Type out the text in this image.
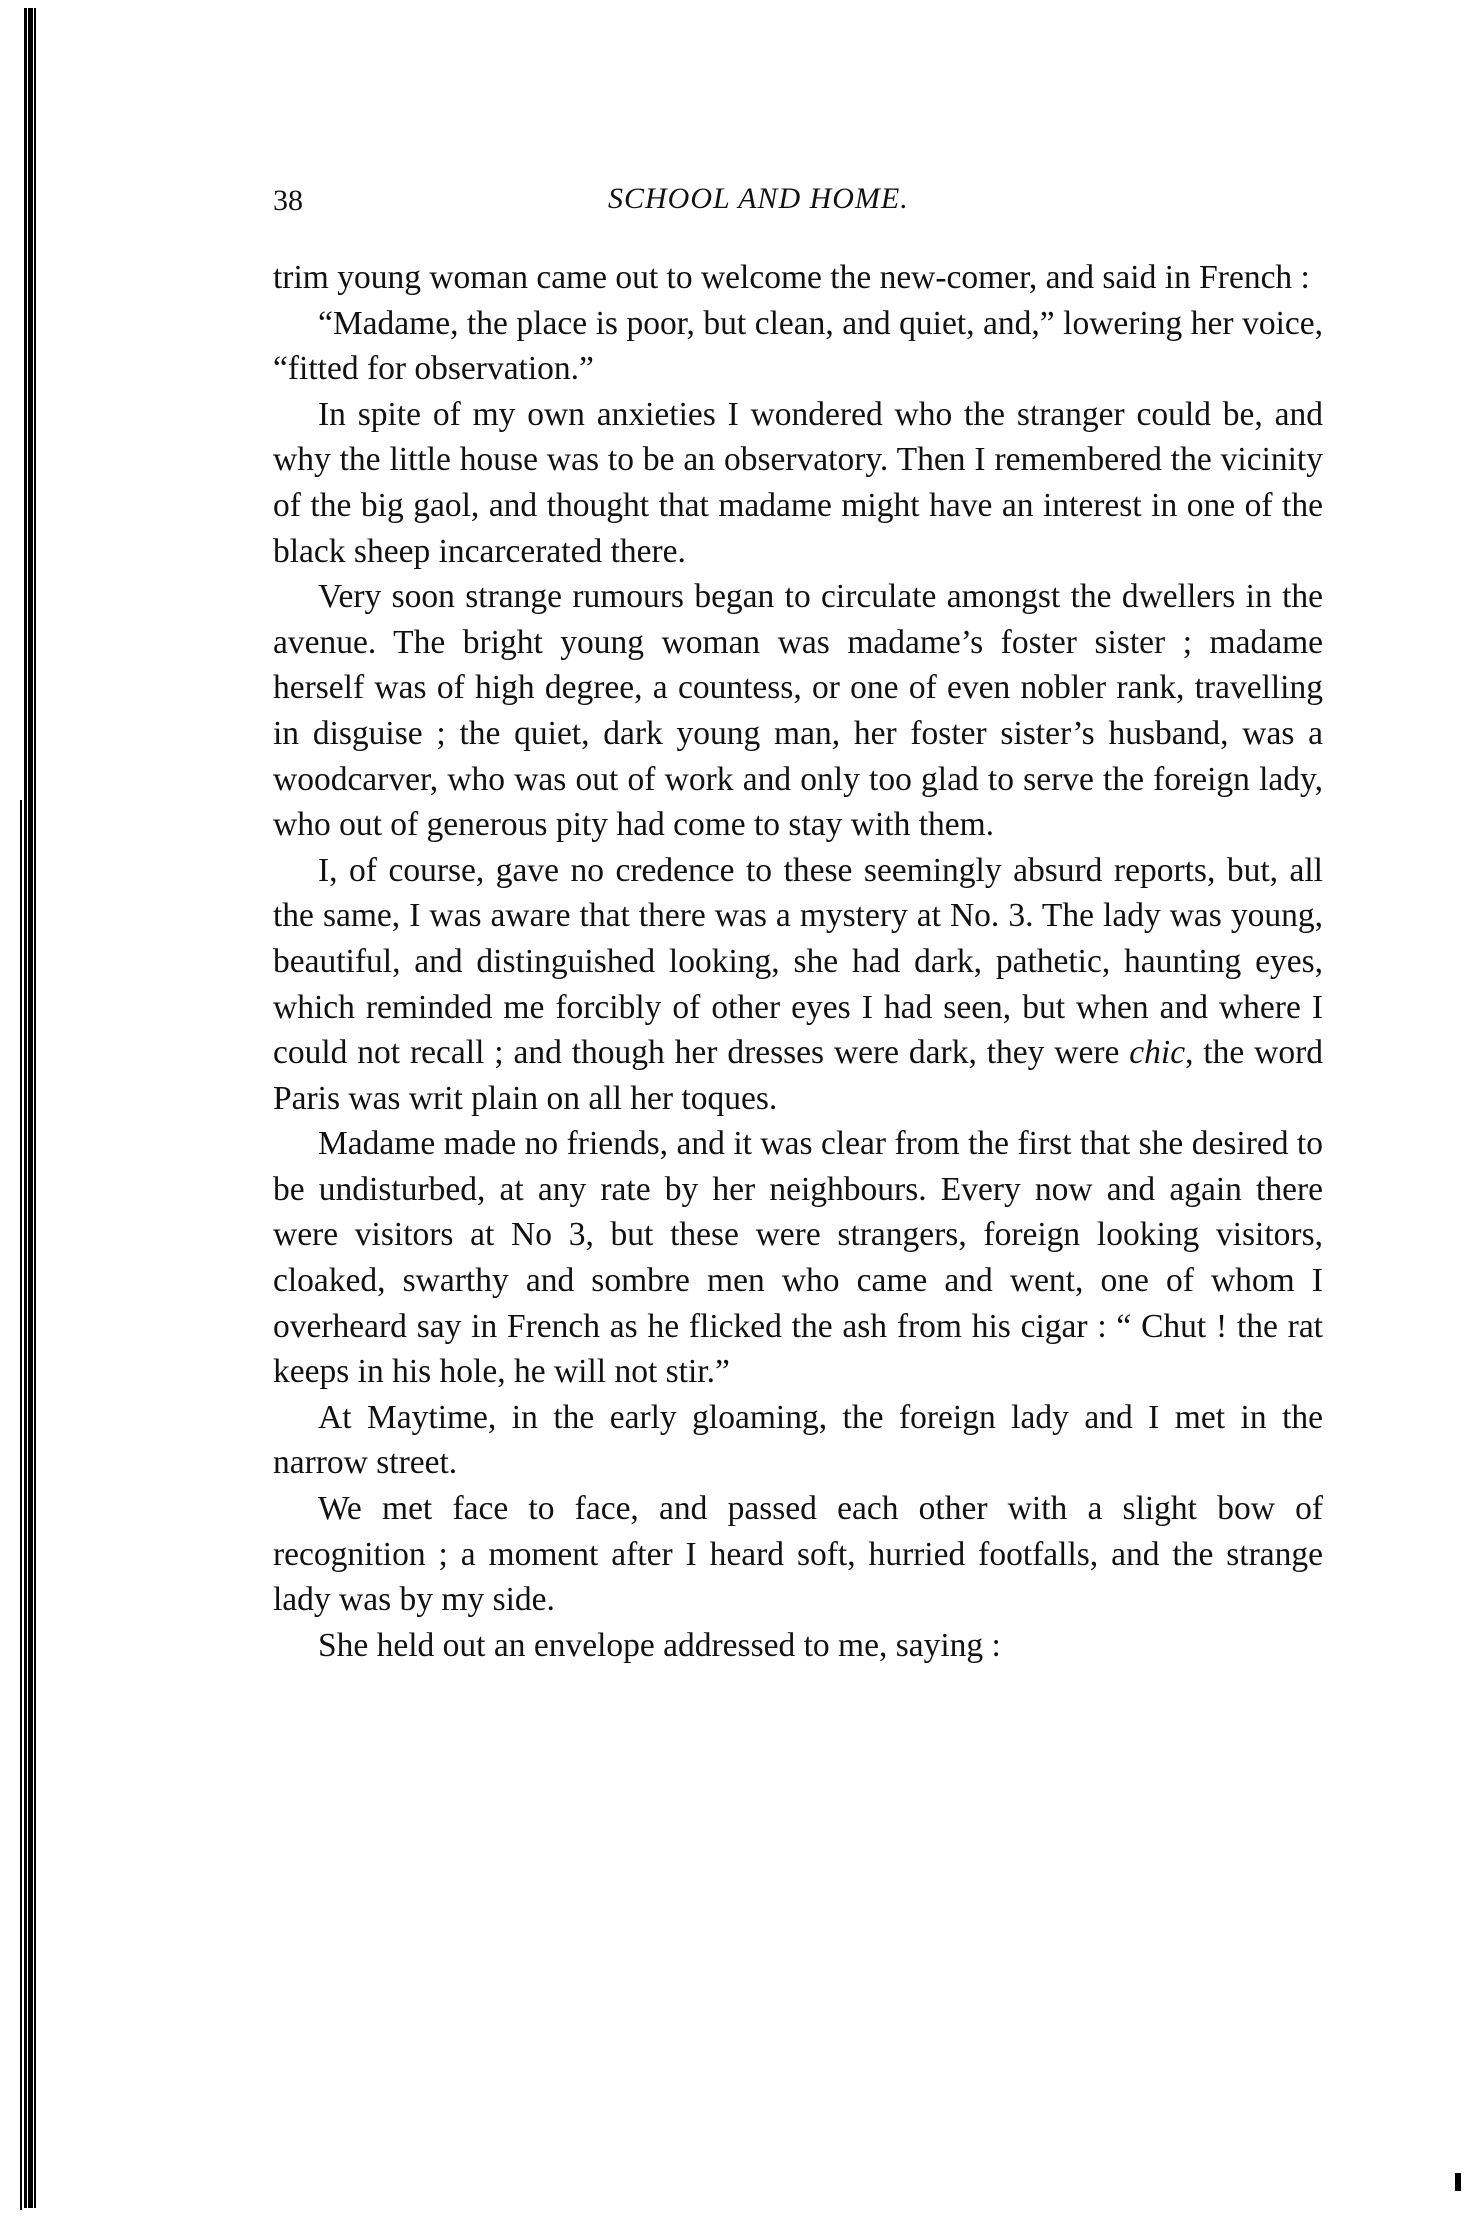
38	SCHOOL AND HOME.

trim young woman came out to welcome the new-comer, and said in French :

“Madame, the place is poor, but clean, and quiet, and,” lowering her voice, “fitted for observation.”

In spite of my own anxieties I wondered who the stranger could be, and why the little house was to be an observatory. Then I remembered the vicinity of the big gaol, and thought that madame might have an interest in one of the black sheep incarcerated there.

Very soon strange rumours began to circulate amongst the dwellers in the avenue. The bright young woman was madame’s foster sister ; madame herself was of high degree, a countess, or one of even nobler rank, travelling in disguise ; the quiet, dark young man, her foster sister’s husband, was a woodcarver, who was out of work and only too glad to serve the foreign lady, who out of generous pity had come to stay with them.

I, of course, gave no credence to these seemingly absurd reports, but, all the same, I was aware that there was a mystery at No. 3. The lady was young, beautiful, and distinguished looking, she had dark, pathetic, haunting eyes, which reminded me forcibly of other eyes I had seen, but when and where I could not recall ; and though her dresses were dark, they were chic, the word Paris was writ plain on all her toques.

Madame made no friends, and it was clear from the first that she desired to be undisturbed, at any rate by her neighbours. Every now and again there were visitors at No 3, but these were strangers, foreign looking visitors, cloaked, swarthy and sombre men who came and went, one of whom I overheard say in French as he flicked the ash from his cigar : “ Chut ! the rat keeps in his hole, he will not stir.”

At Maytime, in the early gloaming, the foreign lady and I met in the narrow street.

We met face to face, and passed each other with a slight bow of recognition ; a moment after I heard soft, hurried footfalls, and the strange lady was by my side.

She held out an envelope addressed to me, saying :
